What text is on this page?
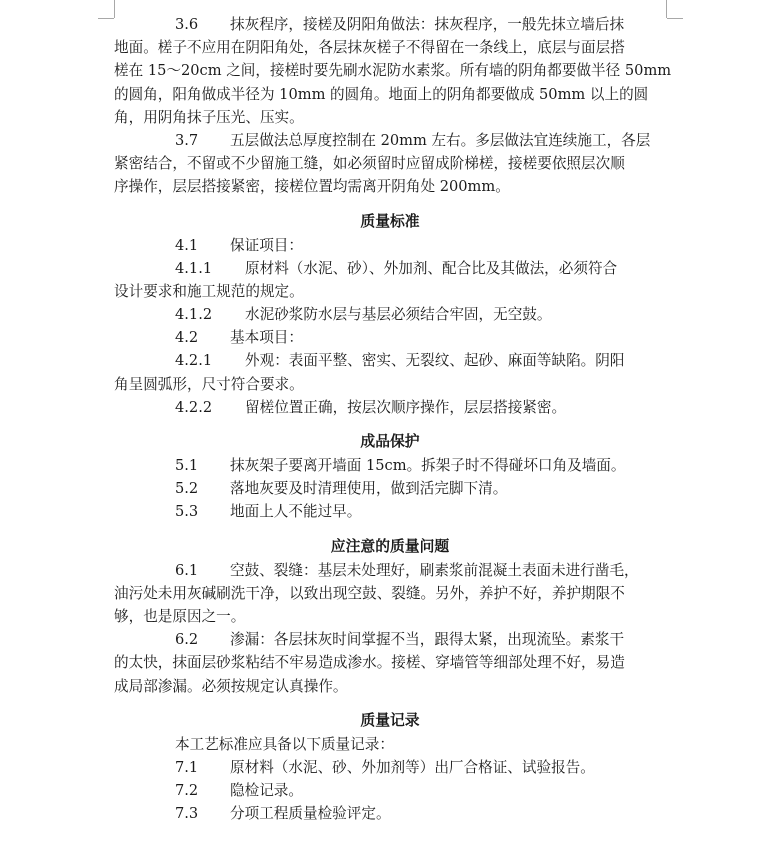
3.6 抹灰程序，接槎及阴阳角做法：抹灰程序，一般先抹立墙后抹
地面。槎子不应用在阴阳角处，各层抹灰槎子不得留在一条线上，底层与面层搭
槎在 15～20cm 之间，接槎时要先刷水泥防水素浆。所有墙的阴角都要做半径 50mm
的圆角，阳角做成半径为 10mm 的圆角。地面上的阴角都要做成 50mm 以上的圆
角，用阴角抹子压光、压实。
3.7 五层做法总厚度控制在 20mm 左右。多层做法宜连续施工，各层
紧密结合，不留或不少留施工缝，如必须留时应留成阶梯槎，接槎要依照层次顺
序操作，层层搭接紧密，接槎位置均需离开阴角处 200mm。
质量标准
4.1 保证项目：
4.1.1 原材料（水泥、砂）、外加剂、配合比及其做法，必须符合
设计要求和施工规范的规定。
4.1.2 水泥砂浆防水层与基层必须结合牢固，无空鼓。
4.2 基本项目：
4.2.1 外观：表面平整、密实、无裂纹、起砂、麻面等缺陷。阴阳
角呈圆弧形，尺寸符合要求。
4.2.2 留槎位置正确，按层次顺序操作，层层搭接紧密。
成品保护
5.1 抹灰架子要离开墙面 15cm。拆架子时不得碰坏口角及墙面。
5.2 落地灰要及时清理使用，做到活完脚下清。
5.3 地面上人不能过早。
应注意的质量问题
6.1 空鼓、裂缝：基层未处理好，刷素浆前混凝土表面未进行凿毛，
油污处未用灰碱刷洗干净，以致出现空鼓、裂缝。另外，养护不好，养护期限不
够，也是原因之一。
6.2 渗漏：各层抹灰时间掌握不当，跟得太紧，出现流坠。素浆干
的太快，抹面层砂浆粘结不牢易造成渗水。接槎、穿墙管等细部处理不好，易造
成局部渗漏。必须按规定认真操作。
质量记录
本工艺标准应具备以下质量记录：
7.1 原材料（水泥、砂、外加剂等）出厂合格证、试验报告。
7.2 隐检记录。
7.3 分项工程质量检验评定。
